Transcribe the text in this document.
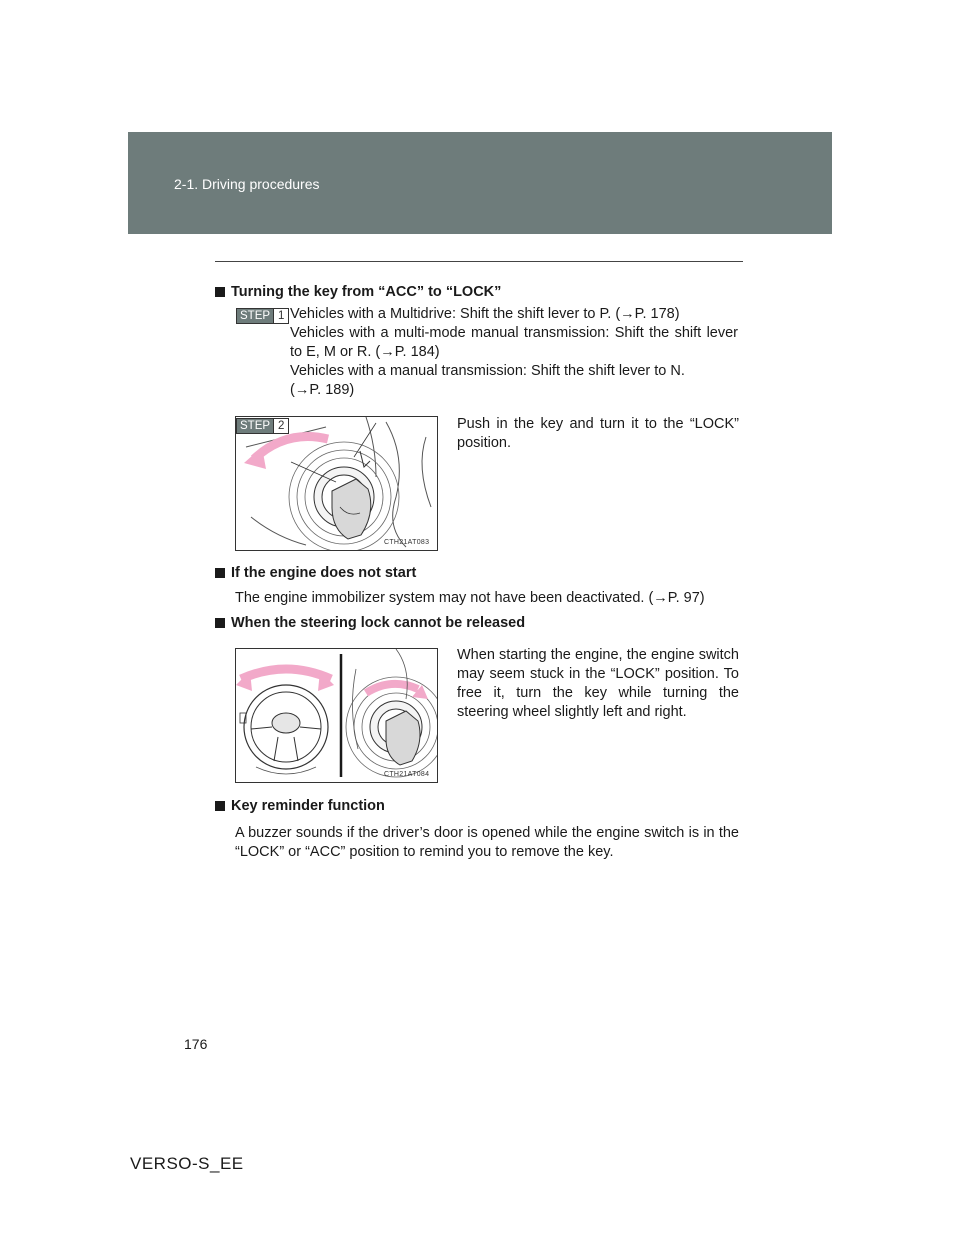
2-1. Driving procedures
Turning the key from “ACC” to “LOCK”
STEP 1 Vehicles with a Multidrive: Shift the shift lever to P. (→P. 178)

Vehicles with a multi-mode manual transmission: Shift the shift lever to E, M or R. (→P. 184)

Vehicles with a manual transmission: Shift the shift lever to N.

(→P. 189)

CTH21AT083
STEP 2	Push in the key and turn it to the “LOCK” position.
If the engine does not start
The engine immobilizer system may not have been deactivated. (→P. 97)
When the steering lock cannot be released
CTH21AT084
When starting the engine, the engine switch may seem stuck in the “LOCK” position. To free it, turn the key while turning the steering wheel slightly left and right.
Key reminder function
A buzzer sounds if the driver’s door is opened while the engine switch is in the “LOCK” or “ACC” position to remind you to remove the key.
176
VERSO-S_EE
